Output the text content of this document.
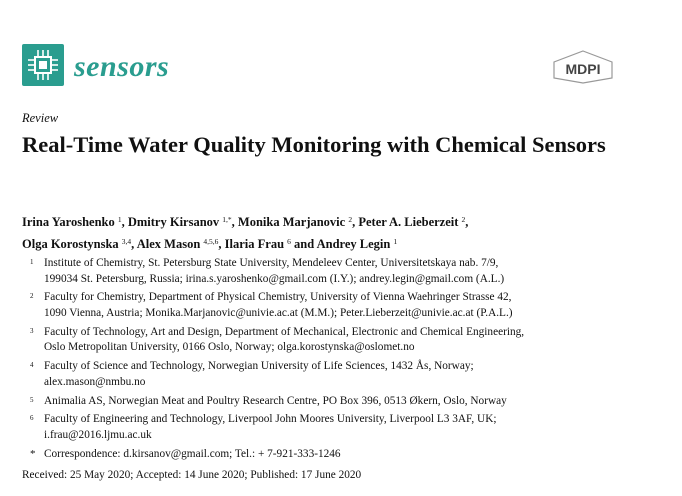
sensors	MDPI
Review
Real-Time Water Quality Monitoring with Chemical Sensors
Irina Yaroshenko $^1$, Dmitry Kirsanov $^{1,*}$, Monika Marjanovic $^2$, Peter A. Lieberzeit $^2$,
Olga Korostynska $^{3,4}$, Alex Mason $^{4,5,6}$, Ilaria Frau $^6$ and Andrey Legin $^1$
1 Institute of Chemistry, St. Petersburg State University, Mendeleev Center, Universitetskaya nab. 7/9,
199034 St. Petersburg, Russia; irina.s.yaroshenko@gmail.com (I.Y.); andrey.legin@gmail.com (A.L.)
2 Faculty for Chemistry, Department of Physical Chemistry, University of Vienna Waehringer Strasse 42,
1090 Vienna, Austria; Monika.Marjanovic@univie.ac.at (M.M.); Peter.Lieberzeit@univie.ac.at (P.A.L.)
3 Faculty of Technology, Art and Design, Department of Mechanical, Electronic and Chemical Engineering,
Oslo Metropolitan University, 0166 Oslo, Norway; olga.korostynska@oslomet.no
4 Faculty of Science and Technology, Norwegian University of Life Sciences, 1432 Ås, Norway;
alex.mason@nmbu.no
5 Animalia AS, Norwegian Meat and Poultry Research Centre, PO Box 396, 0513 Økern, Oslo, Norway
6 Faculty of Engineering and Technology, Liverpool John Moores University, Liverpool L3 3AF, UK;
i.frau@2016.ljmu.ac.uk
* Correspondence: d.kirsanov@gmail.com; Tel.: + 7-921-333-1246
Received: 25 May 2020; Accepted: 14 June 2020; Published: 17 June 2020
